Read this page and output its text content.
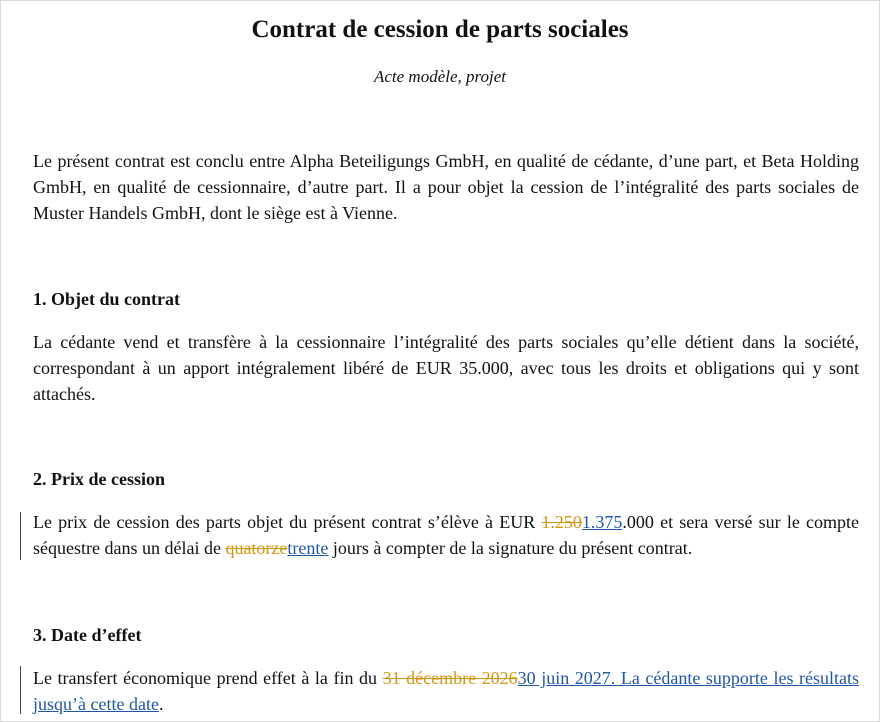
Contrat de cession de parts sociales

Acte modèle, projet

Le présent contrat est conclu entre Alpha Beteiligungs GmbH, en qualité de cédante, d’une part, et Beta Holding GmbH, en qualité de cessionnaire, d’autre part. Il a pour objet la cession de l’intégralité des parts sociales de Muster Handels GmbH, dont le siège est à Vienne.

1. Objet du contrat

La cédante vend et transfère à la cessionnaire l’intégralité des parts sociales qu’elle détient dans la société, correspondant à un apport intégralement libéré de EUR 35.000, avec tous les droits et obligations qui y sont attachés.

2. Prix de cession

Le prix de cession des parts objet du présent contrat s’élève à EUR 1.2501.375.000 et sera versé sur le compte séquestre dans un délai de quatorzetrente jours à compter de la signature du présent contrat.

3. Date d’effet

Le transfert économique prend effet à la fin du 31 décembre 202630 juin 2027. La cédante supporte les résultats jusqu’à cette date.
